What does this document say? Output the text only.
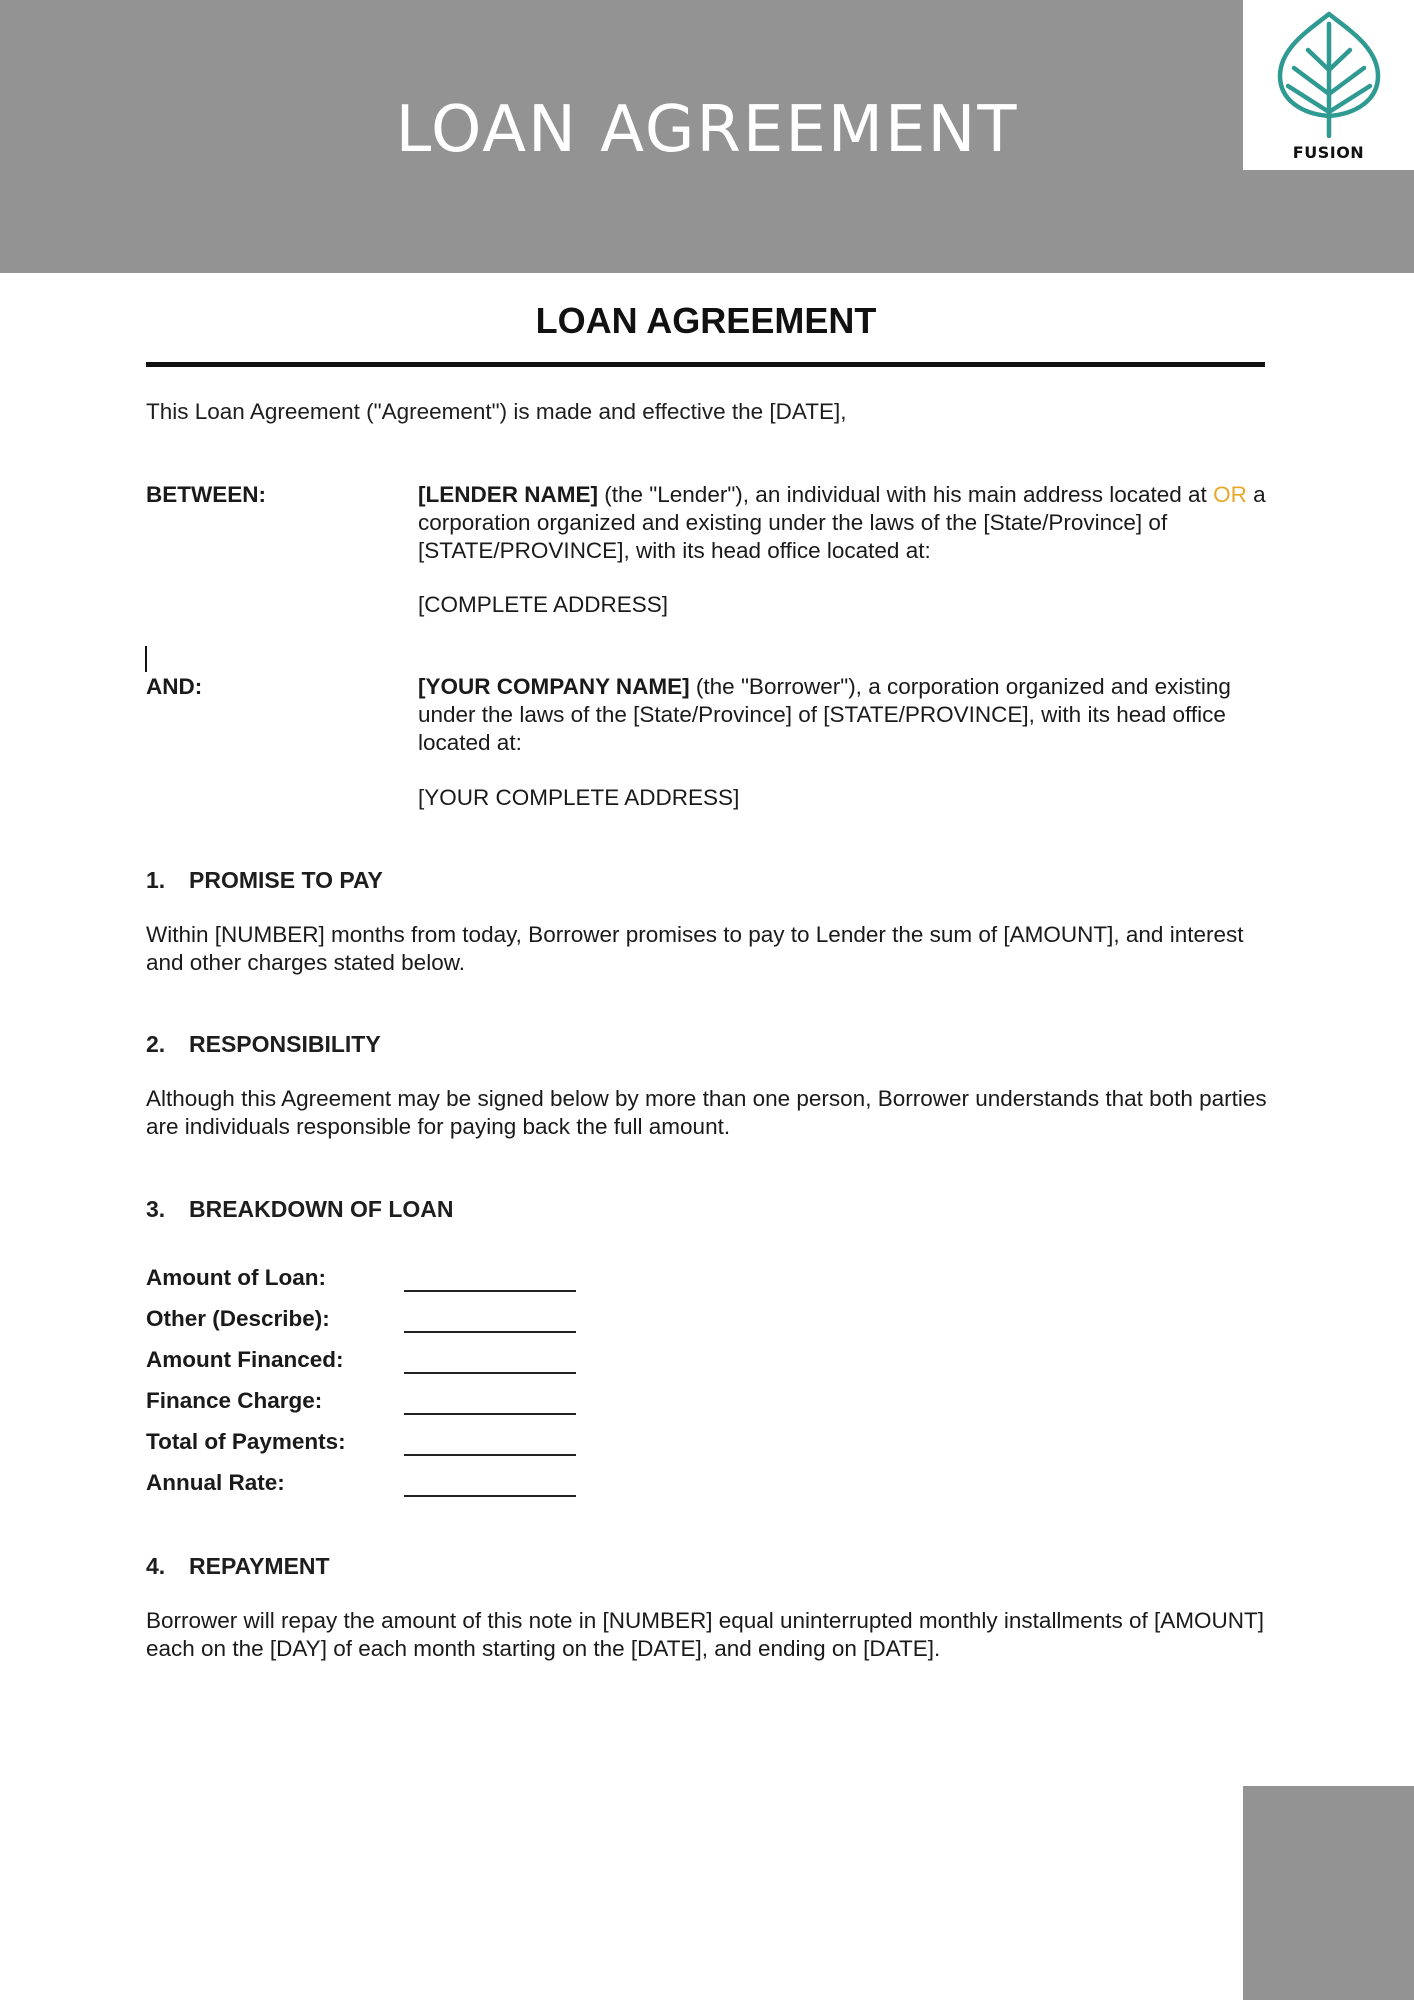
LOAN AGREEMENT	FUSION
LOAN AGREEMENT
This Loan Agreement ("Agreement") is made and effective the [DATE],
BETWEEN:	[LENDER NAME] (the "Lender"), an individual with his main address located at OR a corporation organized and existing under the laws of the [State/Province] of [STATE/PROVINCE], with its head office located at:
[COMPLETE ADDRESS]
AND:	[YOUR COMPANY NAME] (the "Borrower"), a corporation organized and existing under the laws of the [State/Province] of [STATE/PROVINCE], with its head office located at:
[YOUR COMPLETE ADDRESS]
1. PROMISE TO PAY
Within [NUMBER] months from today, Borrower promises to pay to Lender the sum of [AMOUNT], and interest and other charges stated below.
2. RESPONSIBILITY
Although this Agreement may be signed below by more than one person, Borrower understands that both parties are individuals responsible for paying back the full amount.
3. BREAKDOWN OF LOAN
Amount of Loan:
Other (Describe):
Amount Financed:
Finance Charge:
Total of Payments:
Annual Rate:
4. REPAYMENT
Borrower will repay the amount of this note in [NUMBER] equal uninterrupted monthly installments of [AMOUNT] each on the [DAY] of each month starting on the [DATE], and ending on [DATE].
